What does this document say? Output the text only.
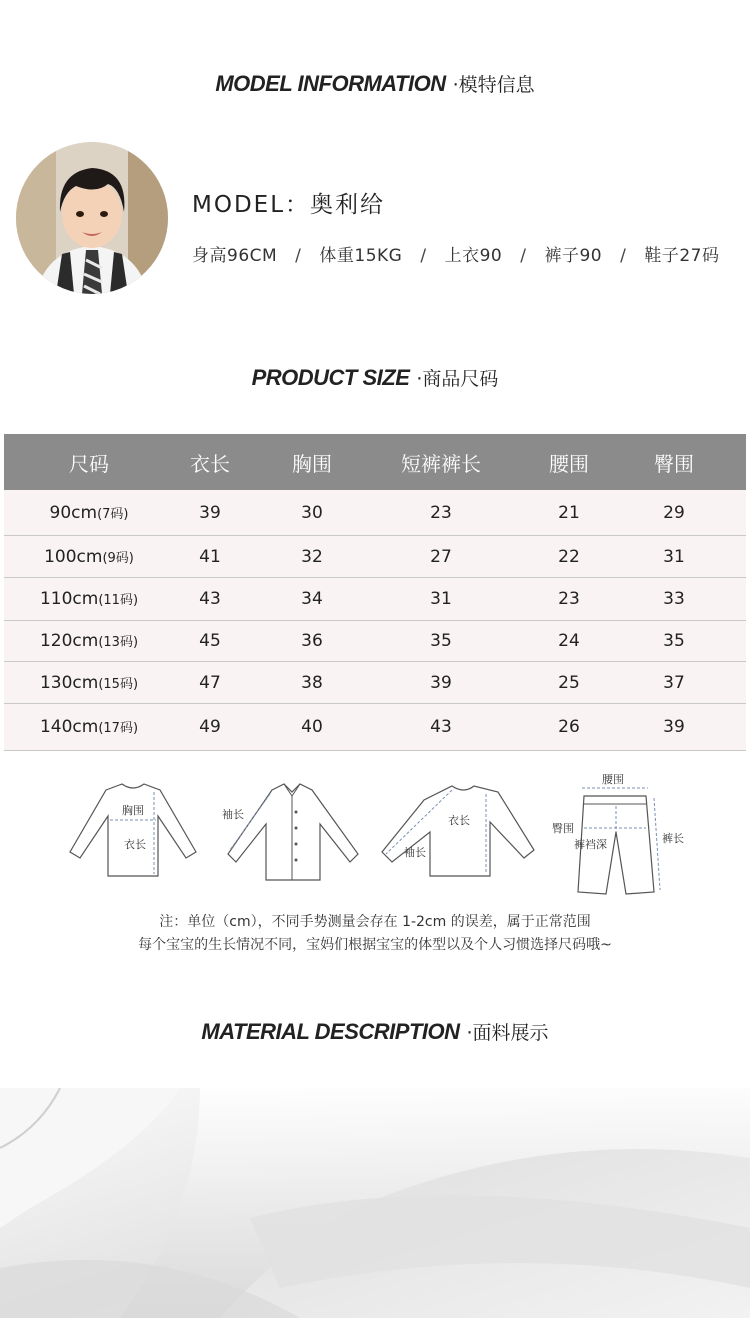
MODEL INFORMATION ·模特信息
MODEL：奥利给
身高96CM / 体重15KG / 上衣90 / 裤子90 / 鞋子27码
PRODUCT SIZE ·商品尺码
尺码	衣长	胸围	短裤裤长	腰围	臀围
90cm(7码)	39	30	23	21	29
100cm(9码)	41	32	27	22	31
110cm(11码)	43	34	31	23	33
120cm(13码)	45	36	35	24	35
130cm(15码)	47	38	39	25	37
140cm(17码)	49	40	43	26	39
胸围
衣长
袖长	衣长
袖长
腰围
臀围
裤长
裤裆深
注：单位（cm），不同手势测量会存在 1-2cm 的误差，属于正常范围
每个宝宝的生长情况不同，宝妈们根据宝宝的体型以及个人习惯选择尺码哦~
MATERIAL DESCRIPTION ·面料展示
